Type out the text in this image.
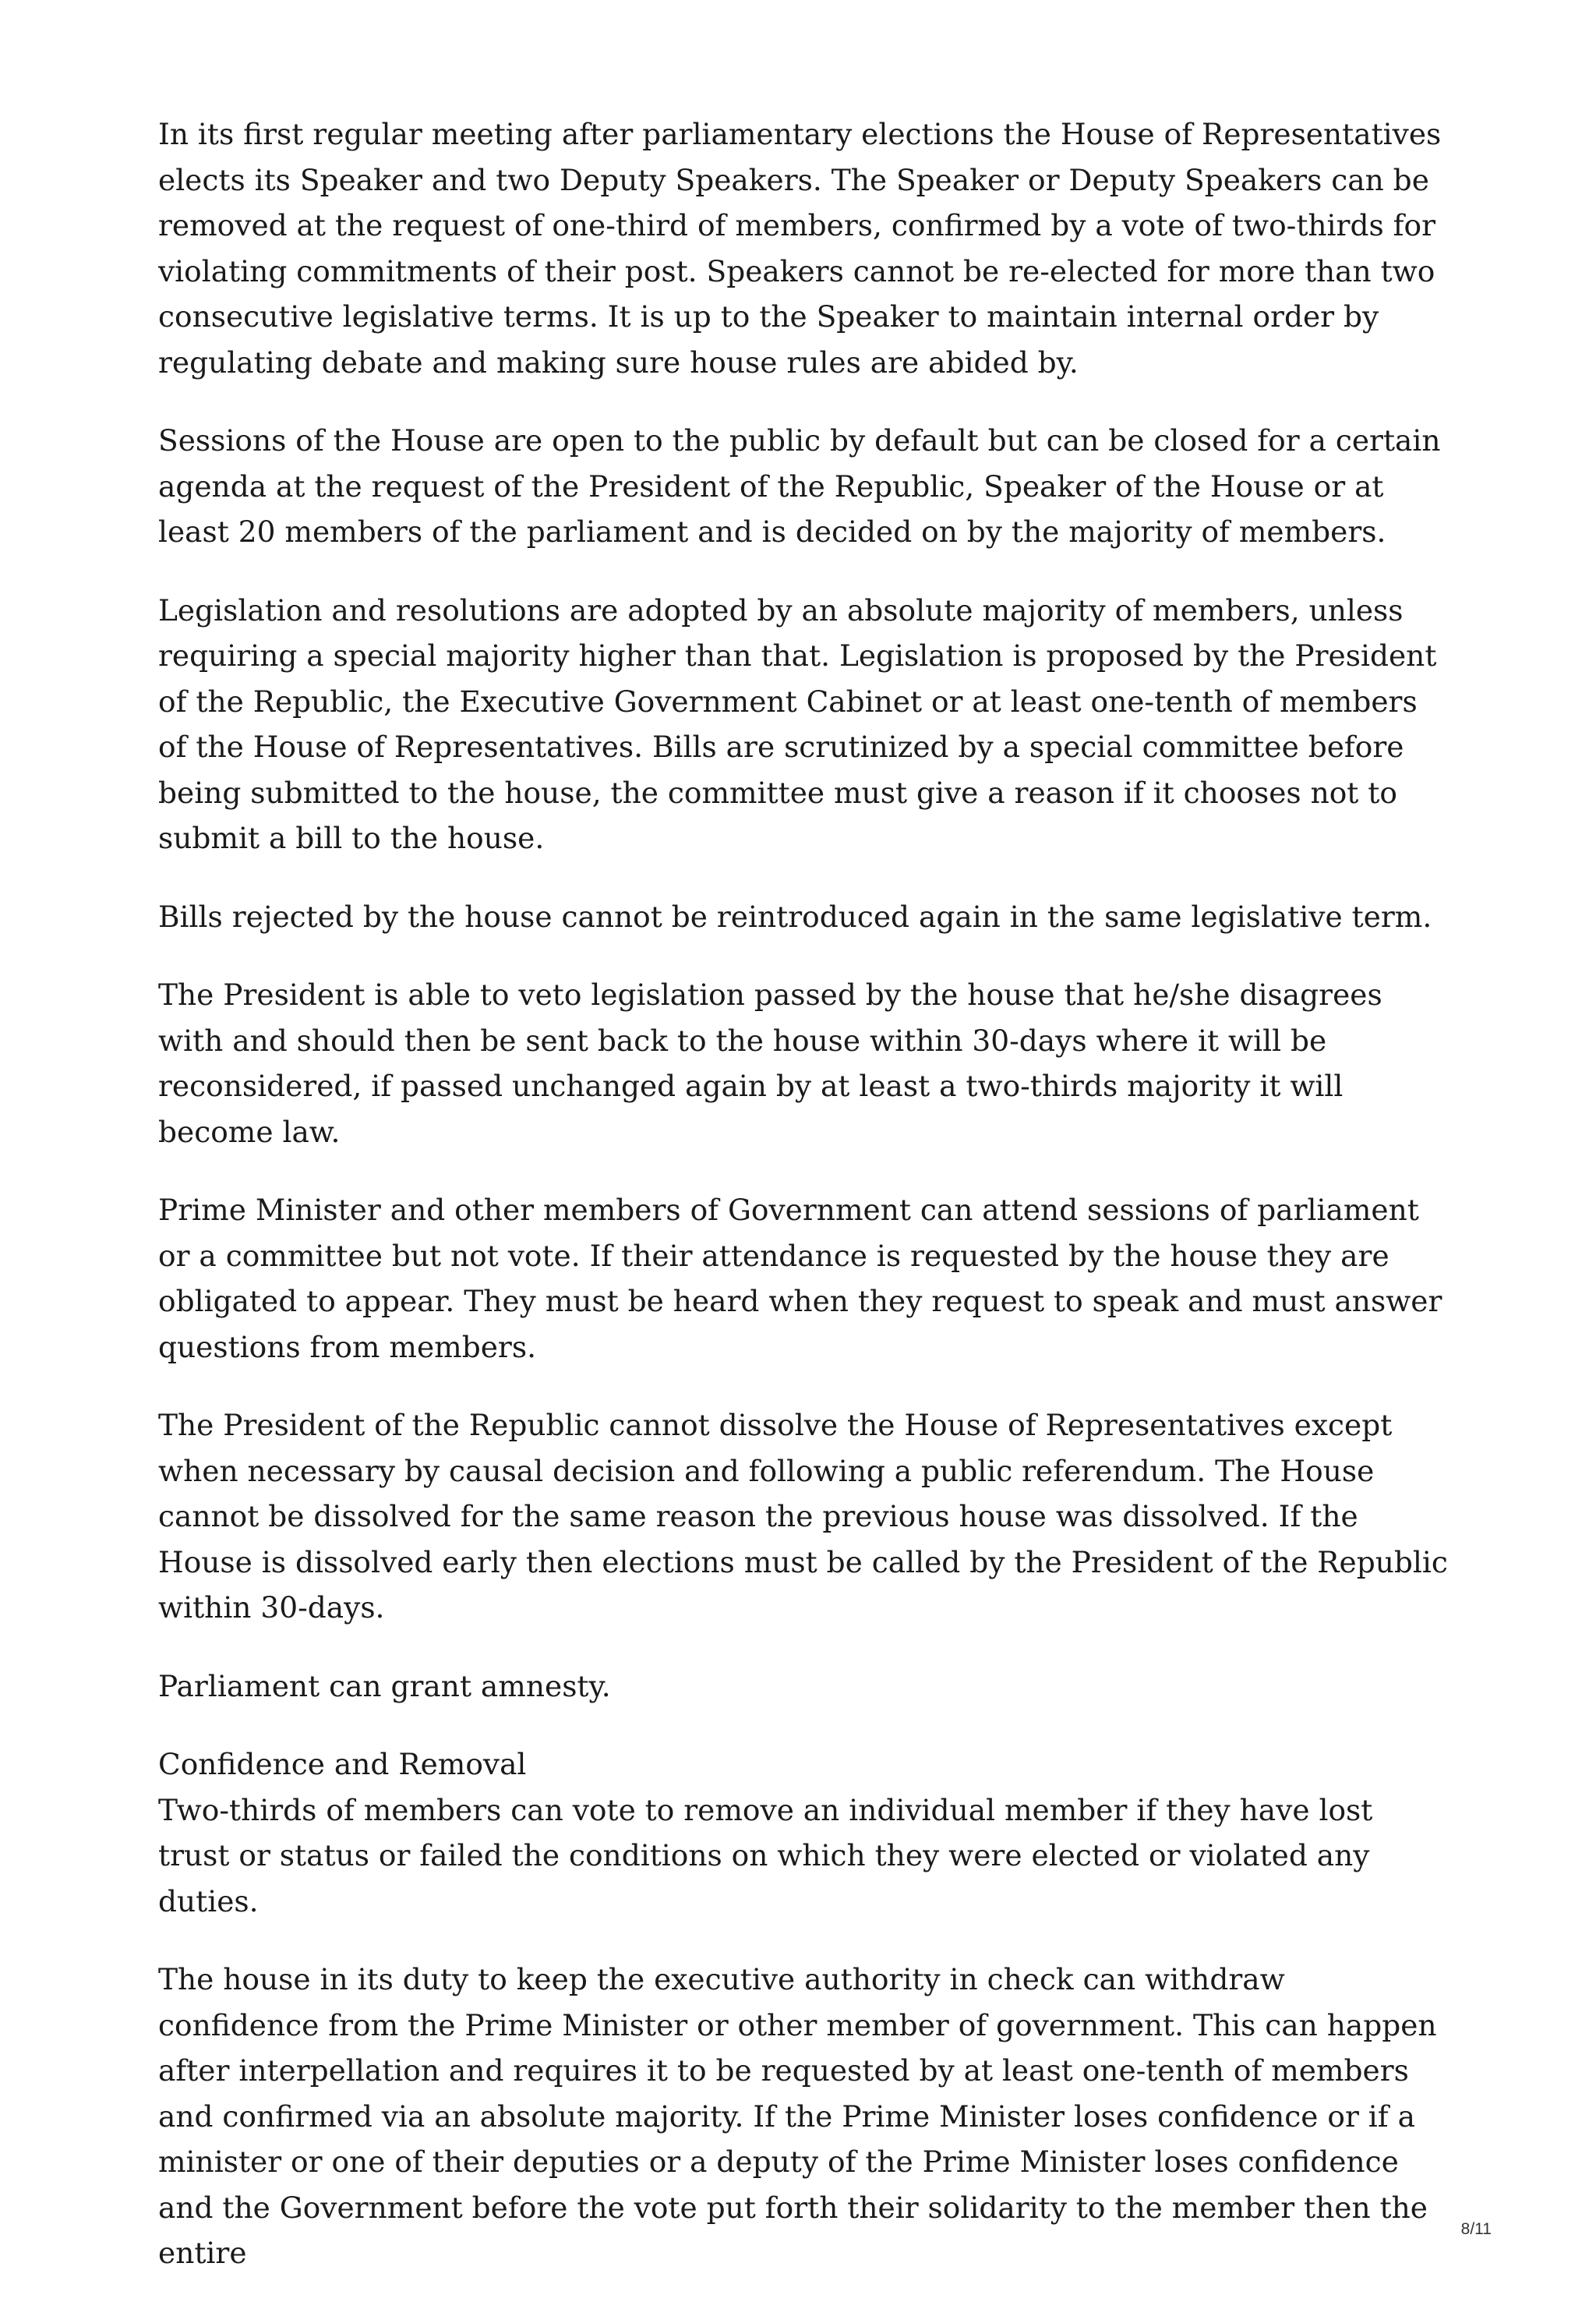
In its first regular meeting after parliamentary elections the House of Representatives elects its Speaker and two Deputy Speakers. The Speaker or Deputy Speakers can be removed at the request of one-third of members, confirmed by a vote of two-thirds for violating commitments of their post. Speakers cannot be re-elected for more than two consecutive legislative terms. It is up to the Speaker to maintain internal order by regulating debate and making sure house rules are abided by.

Sessions of the House are open to the public by default but can be closed for a certain agenda at the request of the President of the Republic, Speaker of the House or at least 20 members of the parliament and is decided on by the majority of members.

Legislation and resolutions are adopted by an absolute majority of members, unless requiring a special majority higher than that. Legislation is proposed by the President of the Republic, the Executive Government Cabinet or at least one-tenth of members of the House of Representatives. Bills are scrutinized by a special committee before being submitted to the house, the committee must give a reason if it chooses not to submit a bill to the house.

Bills rejected by the house cannot be reintroduced again in the same legislative term.

The President is able to veto legislation passed by the house that he/she disagrees with and should then be sent back to the house within 30-days where it will be reconsidered, if passed unchanged again by at least a two-thirds majority it will become law.

Prime Minister and other members of Government can attend sessions of parliament or a committee but not vote. If their attendance is requested by the house they are obligated to appear. They must be heard when they request to speak and must answer questions from members.

The President of the Republic cannot dissolve the House of Representatives except when necessary by causal decision and following a public referendum. The House cannot be dissolved for the same reason the previous house was dissolved. If the House is dissolved early then elections must be called by the President of the Republic within 30-days.

Parliament can grant amnesty.

Confidence and Removal

Two-thirds of members can vote to remove an individual member if they have lost trust or status or failed the conditions on which they were elected or violated any duties.

The house in its duty to keep the executive authority in check can withdraw confidence from the Prime Minister or other member of government. This can happen after interpellation and requires it to be requested by at least one-tenth of members and confirmed via an absolute majority. If the Prime Minister loses confidence or if a minister or one of their deputies or a deputy of the Prime Minister loses confidence and the Government before the vote put forth their solidarity to the member then the entire

8/11
